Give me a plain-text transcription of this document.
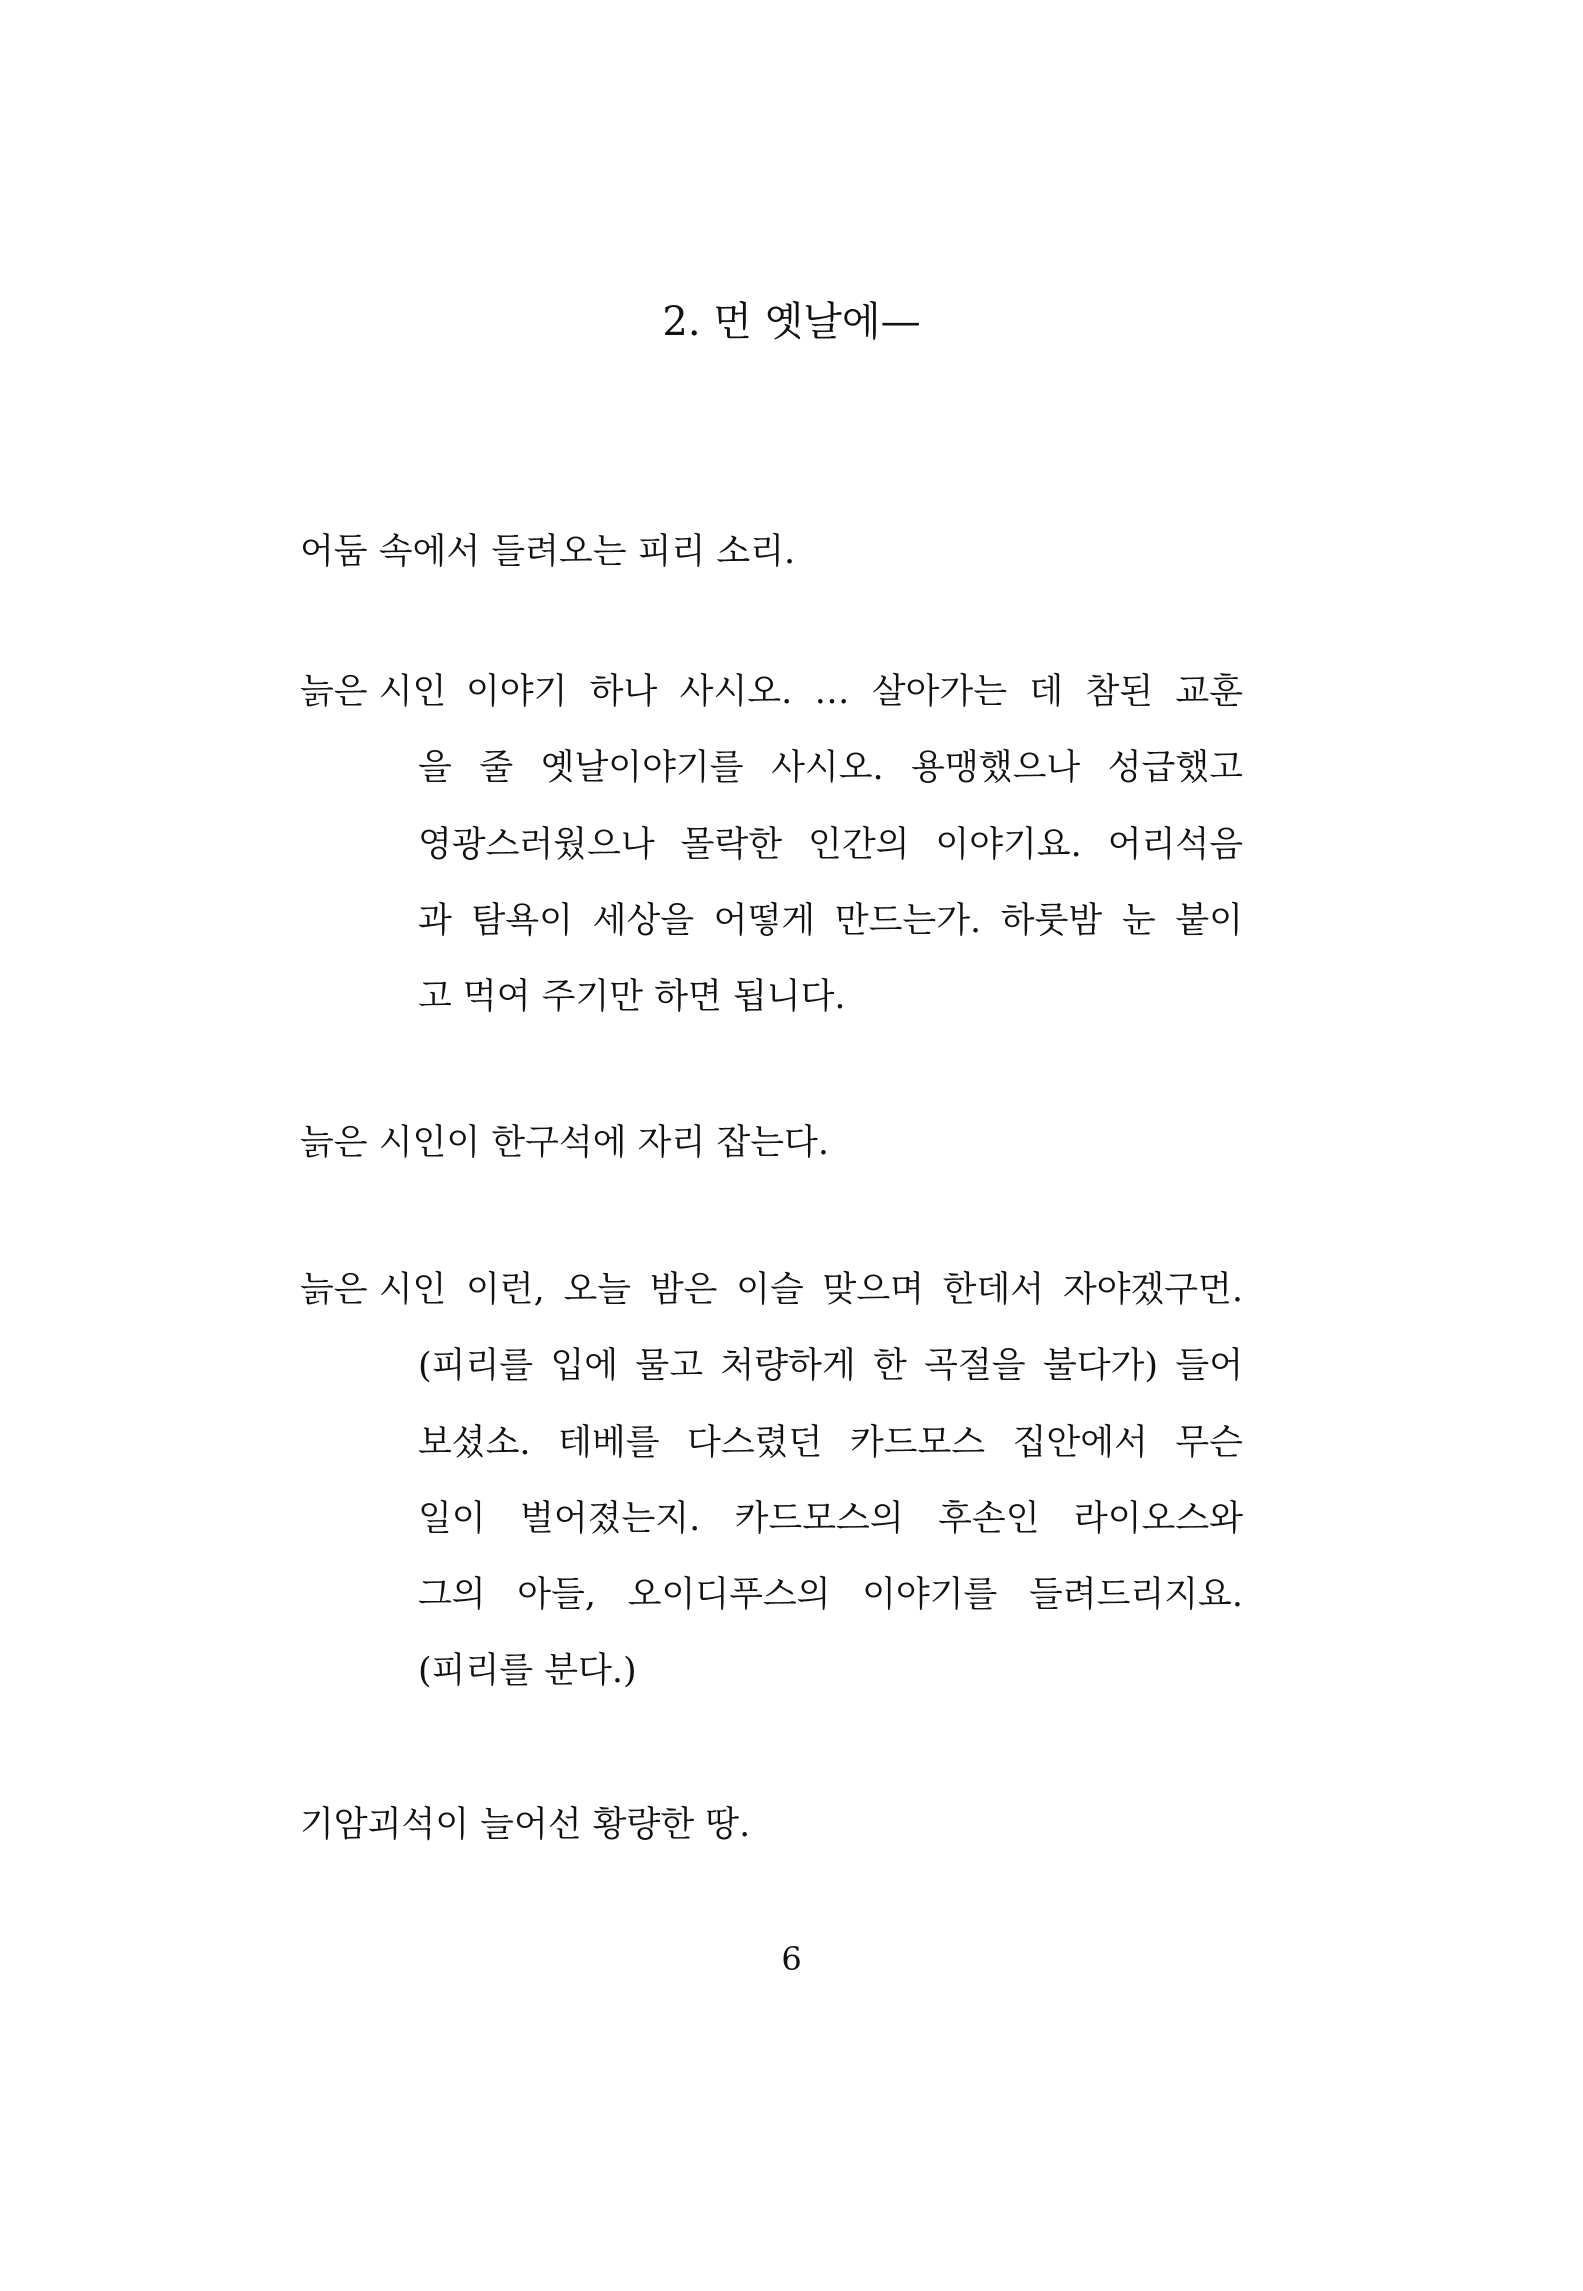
2. 먼 옛날에—
어둠 속에서 들려오는 피리 소리.
늙은 시인 이야기 하나 사시오. … 살아가는 데 참된 교훈
을 줄 옛날이야기를 사시오. 용맹했으나 성급했고
영광스러웠으나 몰락한 인간의 이야기요. 어리석음
과 탐욕이 세상을 어떻게 만드는가. 하룻밤 눈 붙이
고 먹여 주기만 하면 됩니다.
늙은 시인이 한구석에 자리 잡는다.
늙은 시인 이런, 오늘 밤은 이슬 맞으며 한데서 자야겠구먼.
(피리를 입에 물고 처량하게 한 곡절을 불다가) 들어
보셨소. 테베를 다스렸던 카드모스 집안에서 무슨
일이 벌어졌는지. 카드모스의 후손인 라이오스와
그의 아들, 오이디푸스의 이야기를 들려드리지요.
(피리를 분다.)
기암괴석이 늘어선 황량한 땅.
6
